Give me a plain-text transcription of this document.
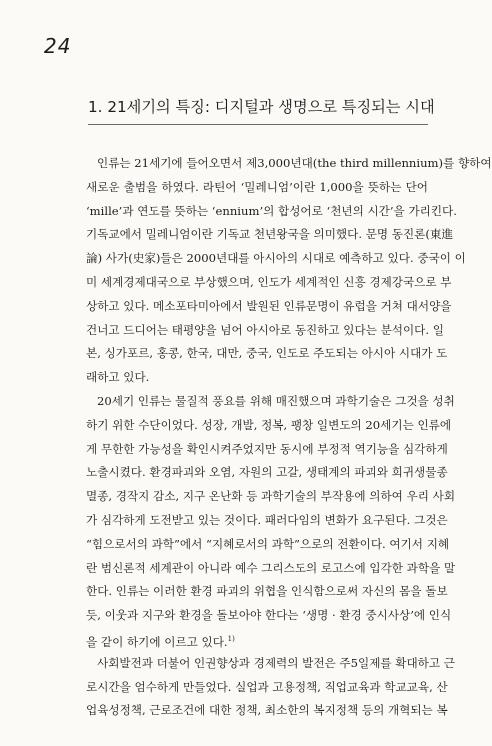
24
1. 21세기의 특징: 디지털과 생명으로 특징되는 시대
인류는 21세기에 들어오면서 제3,000년대(the third millennium)를 향하여
새로운 출범을 하였다. 라틴어 ‘밀레니엄’이란 1,000을 뜻하는 단어
‘mille’과 연도를 뜻하는 ‘ennium’의 합성어로 ‘천년의 시간’을 가리킨다.
기독교에서 밀레니엄이란 기독교 천년왕국을 의미했다. 문명 동진론(東進
論) 사가(史家)들은 2000년대를 아시아의 시대로 예측하고 있다. 중국이 이
미 세계경제대국으로 부상했으며, 인도가 세계적인 신흥 경제강국으로 부
상하고 있다. 메소포타미아에서 발원된 인류문명이 유럽을 거쳐 대서양을
건너고 드디어는 태평양을 넘어 아시아로 동진하고 있다는 분석이다. 일
본, 싱가포르, 홍콩, 한국, 대만, 중국, 인도로 주도되는 아시아 시대가 도
래하고 있다.
20세기 인류는 물질적 풍요를 위해 매진했으며 과학기술은 그것을 성취
하기 위한 수단이었다. 성장, 개발, 정복, 팽창 일변도의 20세기는 인류에
게 무한한 가능성을 확인시켜주었지만 동시에 부정적 역기능을 심각하게
노출시켰다. 환경파괴와 오염, 자원의 고갈, 생태계의 파괴와 희귀생물종
멸종, 경작지 감소, 지구 온난화 등 과학기술의 부작용에 의하여 우리 사회
가 심각하게 도전받고 있는 것이다. 패러다임의 변화가 요구된다. 그것은
“힘으로서의 과학”에서 “지혜로서의 과학”으로의 전환이다. 여기서 지혜
란 범신론적 세계관이 아니라 예수 그리스도의 로고스에 입각한 과학을 말
한다. 인류는 이러한 환경 파괴의 위협을 인식함으로써 자신의 몸을 돌보
듯, 이웃과 지구와 환경을 돌보아야 한다는 ‘생명 · 환경 중시사상’에 인식
을 같이 하기에 이르고 있다.$^{1)}$
사회발전과 더불어 인권향상과 경제력의 발전은 주5일제를 확대하고 근
로시간을 엄수하게 만들었다. 실업과 고용정책, 직업교육과 학교교육, 산
업육성정책, 근로조건에 대한 정책, 최소한의 복지정책 등의 개혁되는 복
